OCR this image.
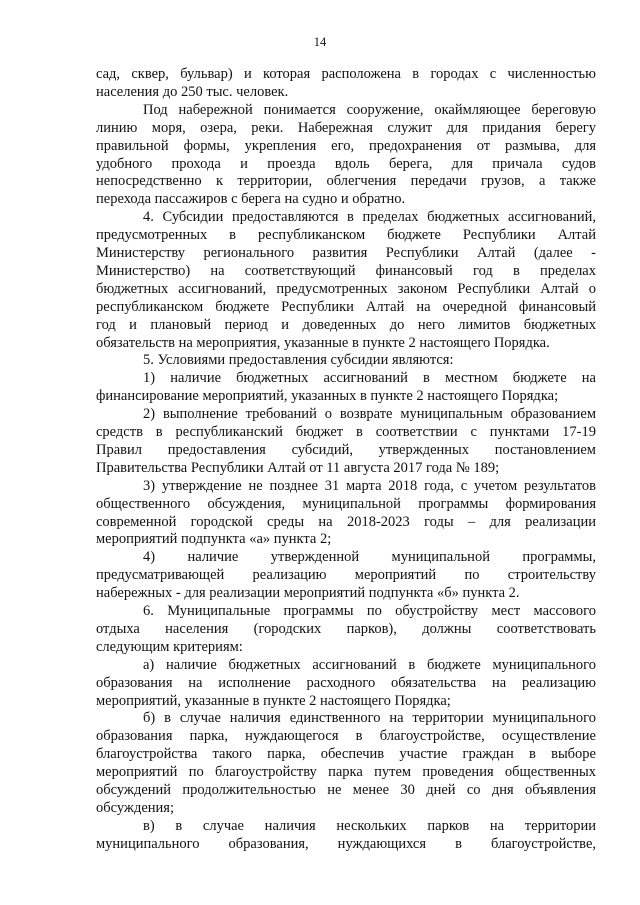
14
сад, сквер, бульвар) и которая расположена в городах с численностью
населения до 250 тыс. человек.
Под набережной понимается сооружение, окаймляющее береговую
линию моря, озера, реки. Набережная служит для придания берегу
правильной формы, укрепления его, предохранения от размыва, для
удобного прохода и проезда вдоль берега, для причала судов
непосредственно к территории, облегчения передачи грузов, а также
перехода пассажиров с берега на судно и обратно.
4. Субсидии предоставляются в пределах бюджетных ассигнований,
предусмотренных в республиканском бюджете Республики Алтай
Министерству регионального развития Республики Алтай (далее -
Министерство) на соответствующий финансовый год в пределах
бюджетных ассигнований, предусмотренных законом Республики Алтай о
республиканском бюджете Республики Алтай на очередной финансовый
год и плановый период и доведенных до него лимитов бюджетных
обязательств на мероприятия, указанные в пункте 2 настоящего Порядка.
5. Условиями предоставления субсидии являются:
1) наличие бюджетных ассигнований в местном бюджете на
финансирование мероприятий, указанных в пункте 2 настоящего Порядка;
2) выполнение требований о возврате муниципальным образованием
средств в республиканский бюджет в соответствии с пунктами 17-19
Правил предоставления субсидий, утвержденных постановлением
Правительства Республики Алтай от 11 августа 2017 года № 189;
3) утверждение не позднее 31 марта 2018 года, с учетом результатов
общественного обсуждения, муниципальной программы формирования
современной городской среды на 2018-2023 годы – для реализации
мероприятий подпункта «а» пункта 2;
4) наличие утвержденной муниципальной программы,
предусматривающей реализацию мероприятий по строительству
набережных - для реализации мероприятий подпункта «б» пункта 2.
6. Муниципальные программы по обустройству мест массового
отдыха населения (городских парков), должны соответствовать
следующим критериям:
а) наличие бюджетных ассигнований в бюджете муниципального
образования на исполнение расходного обязательства на реализацию
мероприятий, указанные в пункте 2 настоящего Порядка;
б) в случае наличия единственного на территории муниципального
образования парка, нуждающегося в благоустройстве, осуществление
благоустройства такого парка, обеспечив участие граждан в выборе
мероприятий по благоустройству парка путем проведения общественных
обсуждений продолжительностью не менее 30 дней со дня объявления
обсуждения;
в) в случае наличия нескольких парков на территории
муниципального образования, нуждающихся в благоустройстве,
